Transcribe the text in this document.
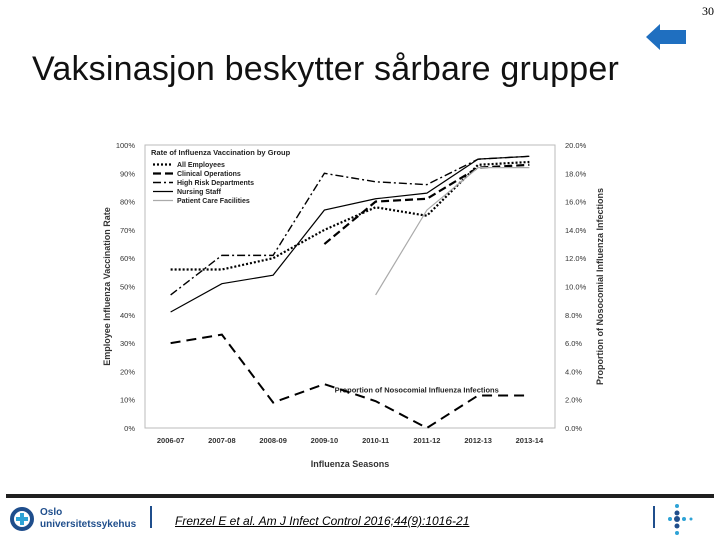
30
Vaksinasjon beskytter sårbare grupper
0%
10%
20%
30%
40%
50%
60%
70%
80%
90%
100%
0.0%
2.0%
4.0%
6.0%
8.0%
10.0%
12.0%
14.0%
16.0%
18.0%
20.0%
2006-07	2007-08	2008-09	2009-10	2010-11	2011-12	2012-13	2013-14
Influenza Seasons
Employee Influenza Vaccination Rate	Proportion of Nosocomial Influenza Infections
Rate of Influenza Vaccination by Group
Proportion of Nosocomial Influenza Infections
All Employees
Clinical Operations
High Risk Departments
Nursing Staff
Patient Care Facilities
Oslo
universitetssykehus	Frenzel E et al. Am J Infect Control 2016;44(9):1016-21
